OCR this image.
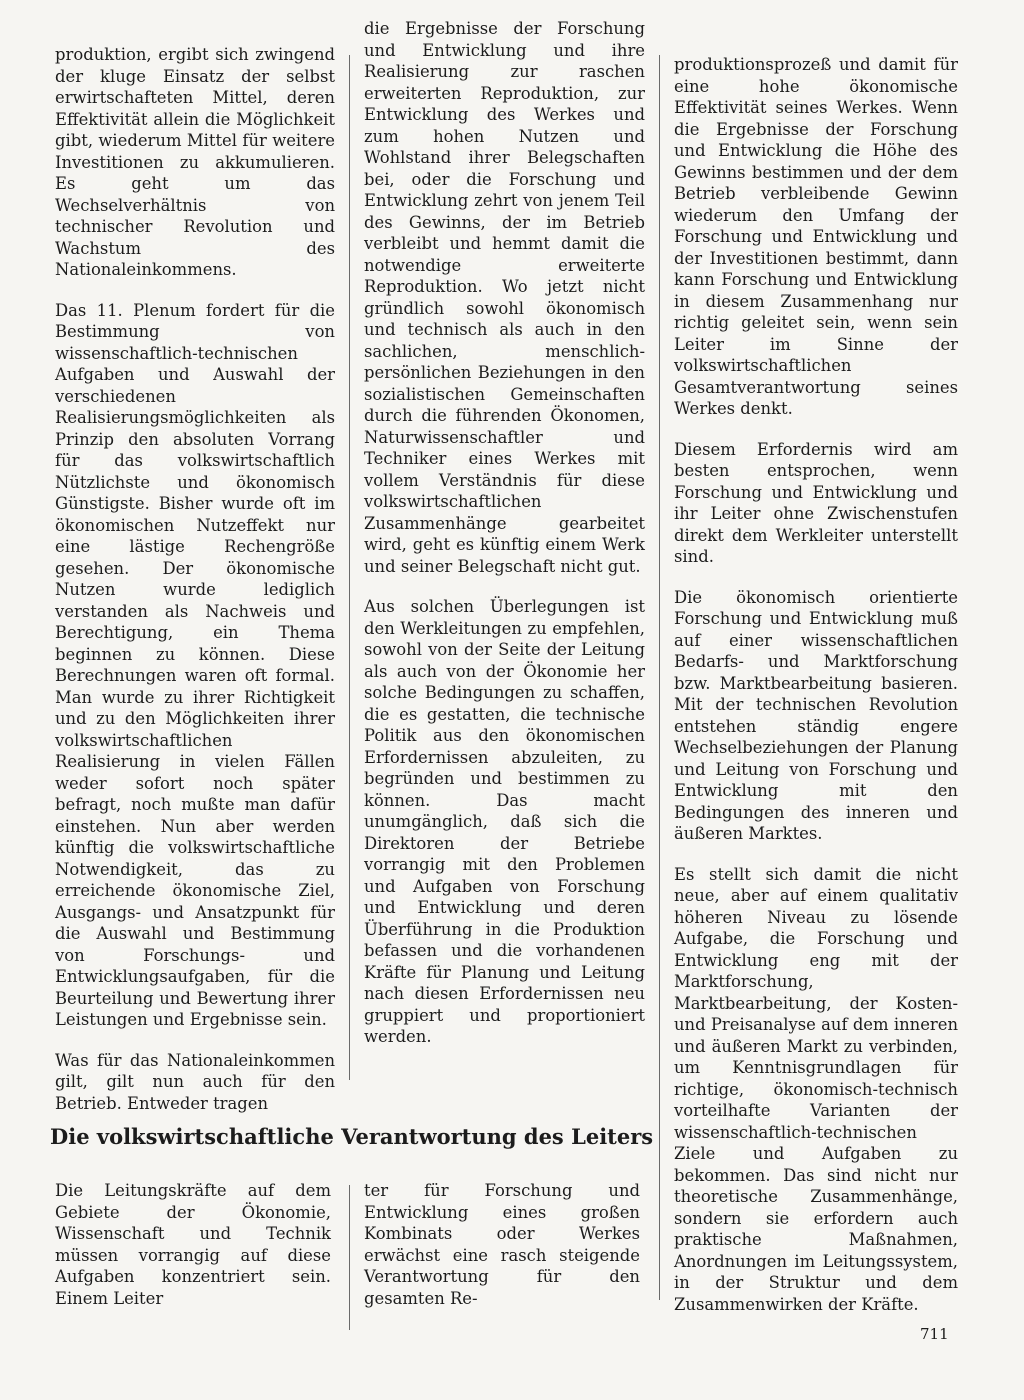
produktion, ergibt sich zwingend der kluge Einsatz der selbst erwirtschafteten Mittel, deren Effektivität allein die Möglichkeit gibt, wiederum Mittel für weitere Investitionen zu akkumulieren. Es geht um das Wechselverhältnis von technischer Revolution und Wachstum des Nationaleinkommens.

Das 11. Plenum fordert für die Bestimmung von wissenschaftlich-technischen Aufgaben und Auswahl der verschiedenen Realisierungsmöglichkeiten als Prinzip den absoluten Vorrang für das volkswirtschaftlich Nützlichste und ökonomisch Günstigste. Bisher wurde oft im ökonomischen Nutzeffekt nur eine lästige Rechengröße gesehen. Der ökonomische Nutzen wurde lediglich verstanden als Nachweis und Berechtigung, ein Thema beginnen zu können. Diese Berechnungen waren oft formal. Man wurde zu ihrer Richtigkeit und zu den Möglichkeiten ihrer volkswirtschaftlichen Realisierung in vielen Fällen weder sofort noch später befragt, noch mußte man dafür einstehen. Nun aber werden künftig die volkswirtschaftliche Notwendigkeit, das zu erreichende ökonomische Ziel, Ausgangs- und Ansatzpunkt für die Auswahl und Bestimmung von Forschungs- und Entwicklungsaufgaben, für die Beurteilung und Bewertung ihrer Leistungen und Ergebnisse sein.

Was für das Nationaleinkommen gilt, gilt nun auch für den Betrieb. Entweder tragen

die Ergebnisse der Forschung und Entwicklung und ihre Realisierung zur raschen erweiterten Reproduktion, zur Entwicklung des Werkes und zum hohen Nutzen und Wohlstand ihrer Belegschaften bei, oder die Forschung und Entwicklung zehrt von jenem Teil des Gewinns, der im Betrieb verbleibt und hemmt damit die notwendige erweiterte Reproduktion. Wo jetzt nicht gründlich sowohl ökonomisch und technisch als auch in den sachlichen, menschlich-persönlichen Beziehungen in den sozialistischen Gemeinschaften durch die führenden Ökonomen, Naturwissenschaftler und Techniker eines Werkes mit vollem Verständnis für diese volkswirtschaftlichen Zusammenhänge gearbeitet wird, geht es künftig einem Werk und seiner Belegschaft nicht gut.

Aus solchen Überlegungen ist den Werkleitungen zu empfehlen, sowohl von der Seite der Leitung als auch von der Ökonomie her solche Bedingungen zu schaffen, die es gestatten, die technische Politik aus den ökonomischen Erfordernissen abzuleiten, zu begründen und bestimmen zu können. Das macht unumgänglich, daß sich die Direktoren der Betriebe vorrangig mit den Problemen und Aufgaben von Forschung und Entwicklung und deren Überführung in die Produktion befassen und die vorhandenen Kräfte für Planung und Leitung nach diesen Erfordernissen neu gruppiert und proportioniert werden.

produktionsprozeß und damit für eine hohe ökonomische Effektivität seines Werkes. Wenn die Ergebnisse der Forschung und Entwicklung die Höhe des Gewinns bestimmen und der dem Betrieb verbleibende Gewinn wiederum den Umfang der Forschung und Entwicklung und der Investitionen bestimmt, dann kann Forschung und Entwicklung in diesem Zusammenhang nur richtig geleitet sein, wenn sein Leiter im Sinne der volkswirtschaftlichen Gesamtverantwortung seines Werkes denkt.

Diesem Erfordernis wird am besten entsprochen, wenn Forschung und Entwicklung und ihr Leiter ohne Zwischenstufen direkt dem Werkleiter unterstellt sind.

Die ökonomisch orientierte Forschung und Entwicklung muß auf einer wissenschaftlichen Bedarfs- und Marktforschung bzw. Marktbearbeitung basieren. Mit der technischen Revolution entstehen ständig engere Wechselbeziehungen der Planung und Leitung von Forschung und Entwicklung mit den Bedingungen des inneren und äußeren Marktes.

Es stellt sich damit die nicht neue, aber auf einem qualitativ höheren Niveau zu lösende Aufgabe, die Forschung und Entwicklung eng mit der Marktforschung, Marktbearbeitung, der Kosten- und Preisanalyse auf dem inneren und äußeren Markt zu verbinden, um Kenntnisgrundlagen für richtige, ökonomisch-technisch vorteilhafte Varianten der wissenschaftlich-technischen Ziele und Aufgaben zu bekommen. Das sind nicht nur theoretische Zusammenhänge, sondern sie erfordern auch praktische Maßnahmen, Anordnungen im Leitungssystem, in der Struktur und dem Zusammenwirken der Kräfte.

Die volkswirtschaftliche Verantwortung des Leiters

Die Leitungskräfte auf dem Gebiete der Ökonomie, Wissenschaft und Technik müssen vorrangig auf diese Aufgaben konzentriert sein. Einem Leiter

ter für Forschung und Entwicklung eines großen Kombinats oder Werkes erwächst eine rasch steigende Verantwortung für den gesamten Re-

711
